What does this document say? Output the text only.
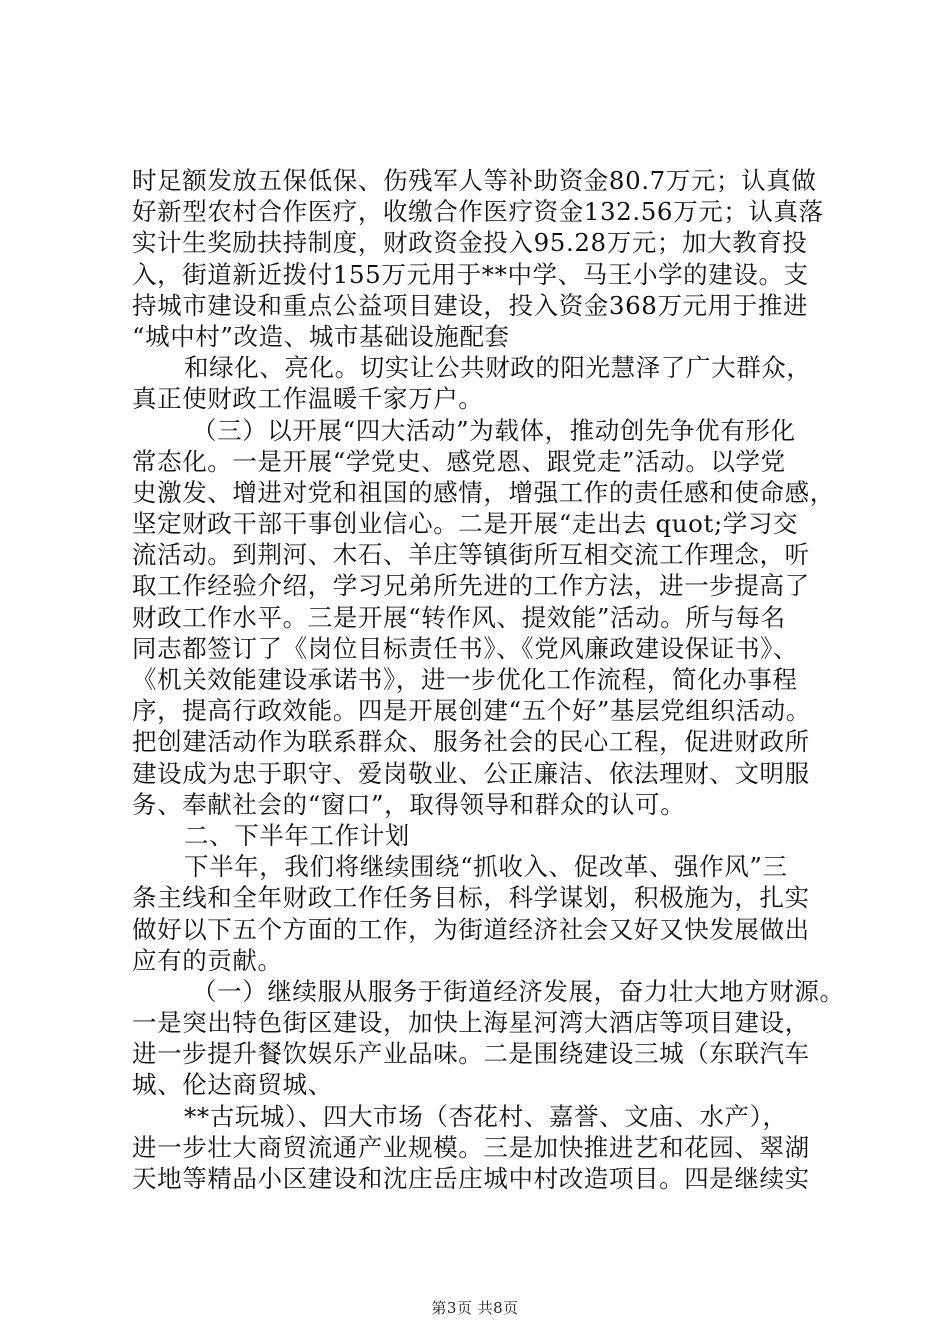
时足额发放五保低保、伤残军人等补助资金80.7万元；认真做
好新型农村合作医疗，收缴合作医疗资金132.56万元；认真落
实计生奖励扶持制度，财政资金投入95.28万元；加大教育投
入，街道新近拨付155万元用于**中学、马王小学的建设。支
持城市建设和重点公益项目建设，投入资金368万元用于推进
“城中村”改造、城市基础设施配套
和绿化、亮化。切实让公共财政的阳光慧泽了广大群众，
真正使财政工作温暖千家万户。
（三）以开展“四大活动”为载体，推动创先争优有形化
常态化。一是开展“学党史、感党恩、跟党走”活动。以学党
史激发、增进对党和祖国的感情，增强工作的责任感和使命感，
坚定财政干部干事创业信心。二是开展“走出去 quot;学习交
流活动。到荆河、木石、羊庄等镇街所互相交流工作理念，听
取工作经验介绍，学习兄弟所先进的工作方法，进一步提高了
财政工作水平。三是开展“转作风、提效能”活动。所与每名
同志都签订了《岗位目标责任书》、《党风廉政建设保证书》、
《机关效能建设承诺书》，进一步优化工作流程，简化办事程
序，提高行政效能。四是开展创建“五个好”基层党组织活动。
把创建活动作为联系群众、服务社会的民心工程，促进财政所
建设成为忠于职守、爱岗敬业、公正廉洁、依法理财、文明服
务、奉献社会的“窗口”，取得领导和群众的认可。
二、下半年工作计划
下半年，我们将继续围绕“抓收入、促改革、强作风”三
条主线和全年财政工作任务目标，科学谋划，积极施为，扎实
做好以下五个方面的工作，为街道经济社会又好又快发展做出
应有的贡献。
（一）继续服从服务于街道经济发展，奋力壮大地方财源。
一是突出特色街区建设，加快上海星河湾大酒店等项目建设，
进一步提升餐饮娱乐产业品味。二是围绕建设三城（东联汽车
城、伦达商贸城、
**古玩城）、四大市场（杏花村、嘉誉、文庙、水产），
进一步壮大商贸流通产业规模。三是加快推进艺和花园、翠湖
天地等精品小区建设和沈庄岳庄城中村改造项目。四是继续实
第3页 共8页
